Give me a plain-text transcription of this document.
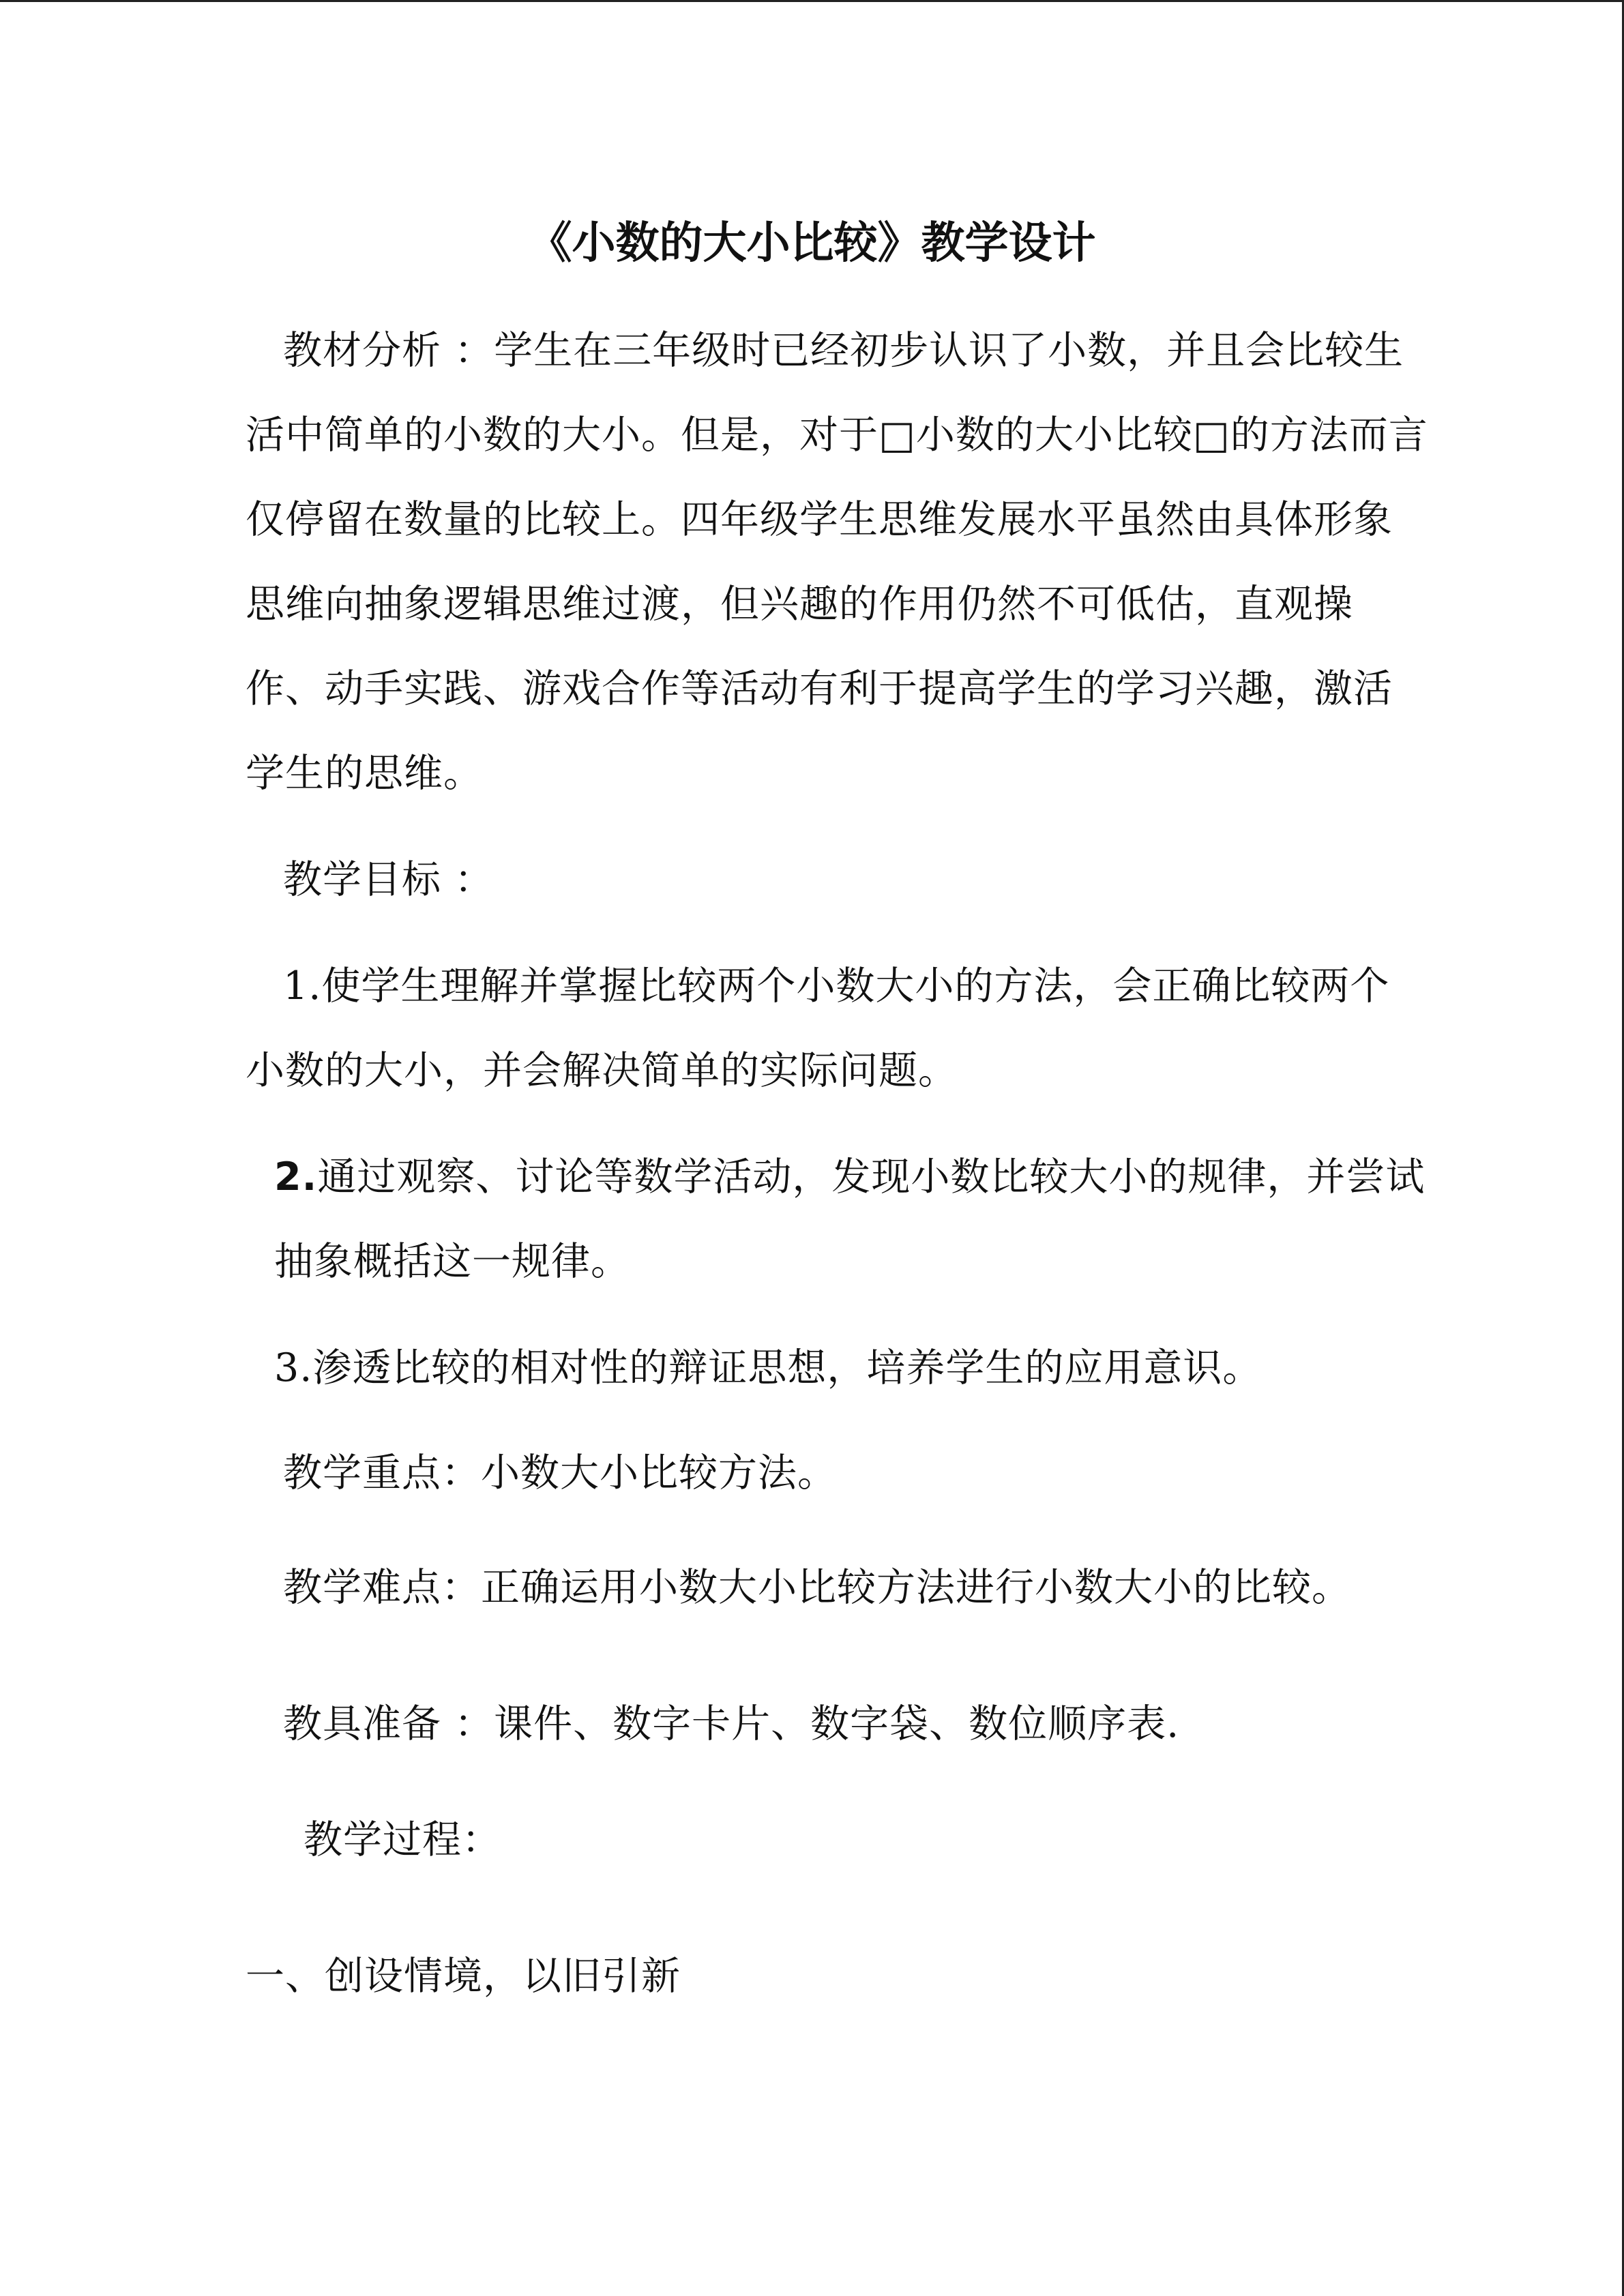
《小数的大小比较》教学设计
教材分析 ：学生在三年级时已经初步认识了小数，并且会比较生
活中简单的小数的大小。但是，对于□小数的大小比较□的方法而言
仅停留在数量的比较上。四年级学生思维发展水平虽然由具体形象
思维向抽象逻辑思维过渡，但兴趣的作用仍然不可低估，直观操
作、动手实践、游戏合作等活动有利于提高学生的学习兴趣，激活
学生的思维。
教学目标 ：
1.使学生理解并掌握比较两个小数大小的方法，会正确比较两个
小数的大小，并会解决简单的实际问题。
2.通过观察、讨论等数学活动，发现小数比较大小的规律，并尝试
抽象概括这一规律。
3.渗透比较的相对性的辩证思想，培养学生的应用意识。
教学重点：小数大小比较方法。
教学难点：正确运用小数大小比较方法进行小数大小的比较。
教具准备 ：课件、数字卡片、数字袋、数位顺序表.
教学过程：
一、创设情境，以旧引新
